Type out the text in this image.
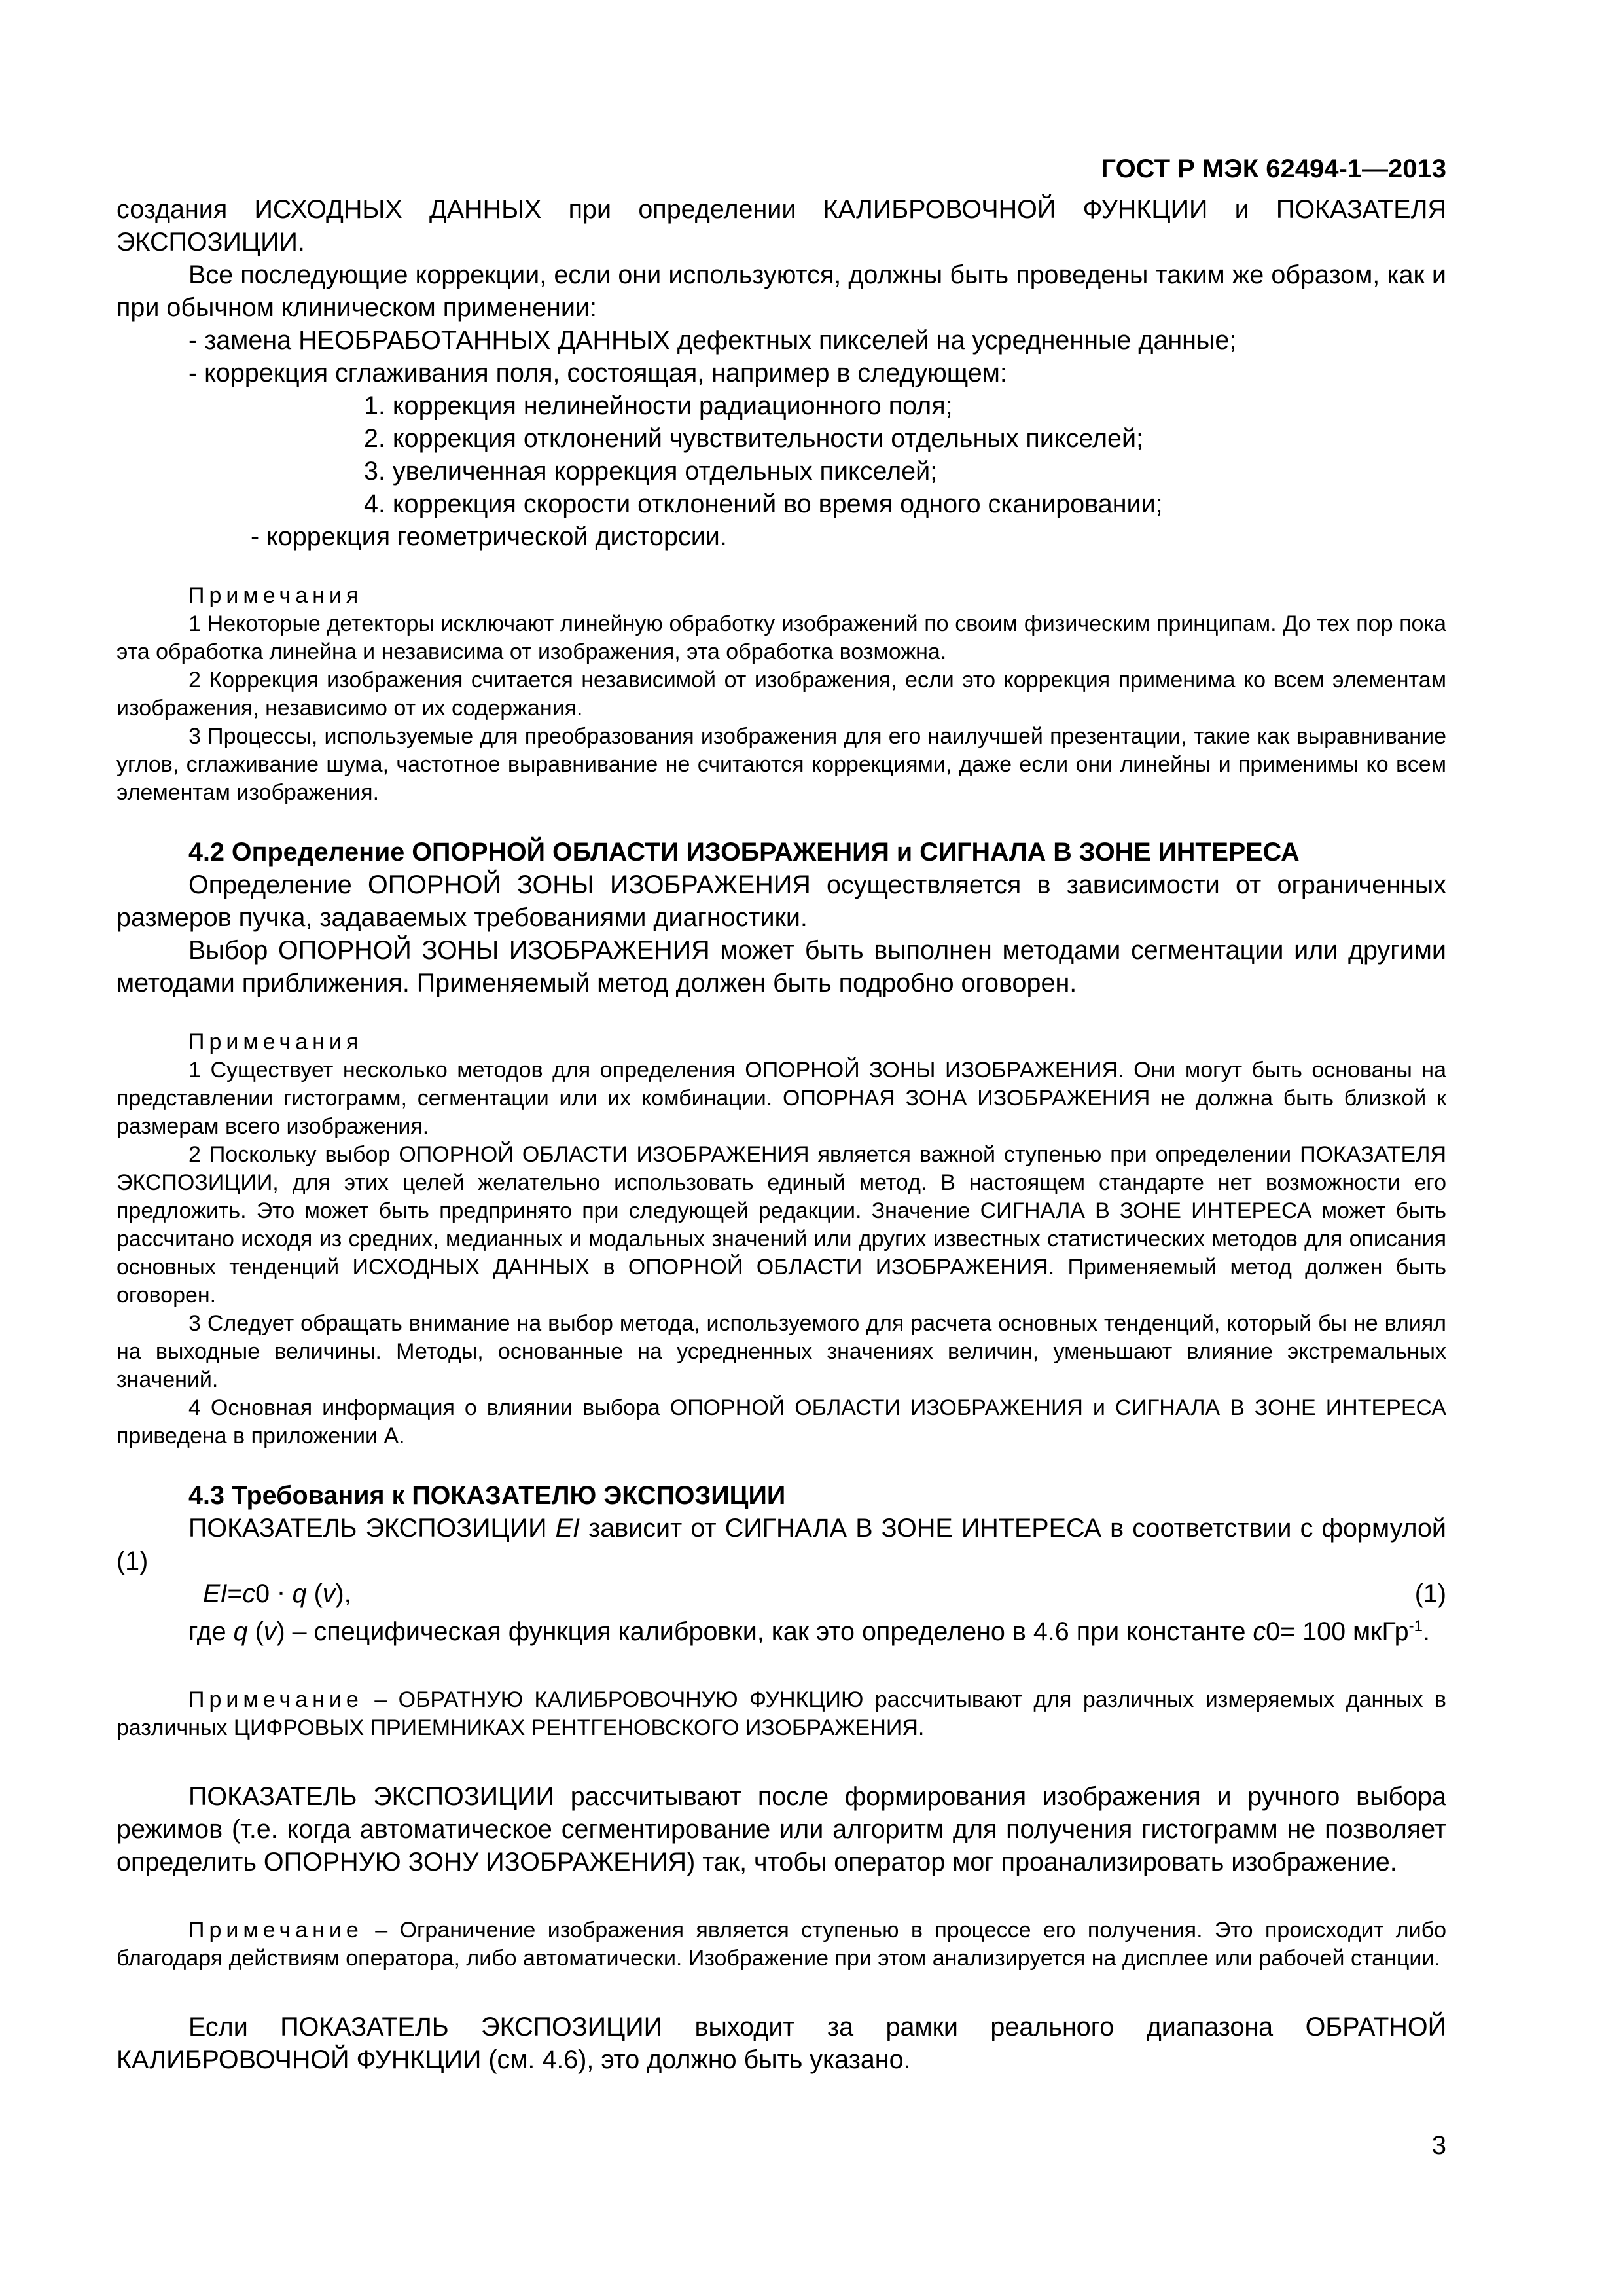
ГОСТ Р МЭК 62494-1—2013

создания ИСХОДНЫХ ДАННЫХ при определении КАЛИБРОВОЧНОЙ ФУНКЦИИ и ПОКАЗАТЕЛЯ ЭКСПОЗИЦИИ.

Все последующие коррекции, если они используются, должны быть проведены таким же образом, как и при обычном клиническом применении:

- замена НЕОБРАБОТАННЫХ ДАННЫХ дефектных пикселей на усредненные данные;

- коррекция сглаживания поля, состоящая, например в следующем:

1. коррекция нелинейности радиационного поля;

2. коррекция отклонений чувствительности отдельных пикселей;

3. увеличенная коррекция отдельных пикселей;

4. коррекция скорости отклонений во время одного сканировании;

- коррекция геометрической дисторсии.

Примечания

1 Некоторые детекторы исключают линейную обработку изображений по своим физическим принципам. До тех пор пока эта обработка линейна и независима от изображения, эта обработка возможна.

2 Коррекция изображения считается независимой от изображения, если это коррекция применима ко всем элементам изображения, независимо от их содержания.

3 Процессы, используемые для преобразования изображения для его наилучшей презентации, такие как выравнивание углов, сглаживание шума, частотное выравнивание не считаются коррекциями, даже если они линейны и применимы ко всем элементам изображения.

4.2 Определение ОПОРНОЙ ОБЛАСТИ ИЗОБРАЖЕНИЯ и СИГНАЛА В ЗОНЕ ИНТЕРЕСА

Определение ОПОРНОЙ ЗОНЫ ИЗОБРАЖЕНИЯ осуществляется в зависимости от ограниченных размеров пучка, задаваемых требованиями диагностики.

Выбор ОПОРНОЙ ЗОНЫ ИЗОБРАЖЕНИЯ может быть выполнен методами сегментации или другими методами приближения. Применяемый метод должен быть подробно оговорен.

Примечания

1 Существует несколько методов для определения ОПОРНОЙ ЗОНЫ ИЗОБРАЖЕНИЯ. Они могут быть основаны на представлении гистограмм, сегментации или их комбинации. ОПОРНАЯ ЗОНА ИЗОБРАЖЕНИЯ не должна быть близкой к размерам всего изображения.

2 Поскольку выбор ОПОРНОЙ ОБЛАСТИ ИЗОБРАЖЕНИЯ является важной ступенью при определении ПОКАЗАТЕЛЯ ЭКСПОЗИЦИИ, для этих целей желательно использовать единый метод. В настоящем стандарте нет возможности его предложить. Это может быть предпринято при следующей редакции. Значение СИГНАЛА В ЗОНЕ ИНТЕРЕСА может быть рассчитано исходя из средних, медианных и модальных значений или других известных статистических методов для описания основных тенденций ИСХОДНЫХ ДАННЫХ в ОПОРНОЙ ОБЛАСТИ ИЗОБРАЖЕНИЯ. Применяемый метод должен быть оговорен.

3 Следует обращать внимание на выбор метода, используемого для расчета основных тенденций, который бы не влиял на выходные величины. Методы, основанные на усредненных значениях величин, уменьшают влияние экстремальных значений.

4 Основная информация о влиянии выбора ОПОРНОЙ ОБЛАСТИ ИЗОБРАЖЕНИЯ и СИГНАЛА В ЗОНЕ ИНТЕРЕСА приведена в приложении А.

4.3 Требования к ПОКАЗАТЕЛЮ ЭКСПОЗИЦИИ

ПОКАЗАТЕЛЬ ЭКСПОЗИЦИИ EI зависит от СИГНАЛА В ЗОНЕ ИНТЕРЕСА в соответствии с формулой (1)

EI=c0 ⋅ q (v),	(1)

где q (v) – специфическая функция калибровки, как это определено в 4.6 при константе c0= 100 мкГр$^{-1}$.

Примечание – ОБРАТНУЮ КАЛИБРОВОЧНУЮ ФУНКЦИЮ рассчитывают для различных измеряемых данных в различных ЦИФРОВЫХ ПРИЕМНИКАХ РЕНТГЕНОВСКОГО ИЗОБРАЖЕНИЯ.

ПОКАЗАТЕЛЬ ЭКСПОЗИЦИИ рассчитывают после формирования изображения и ручного выбора режимов (т.е. когда автоматическое сегментирование или алгоритм для получения гистограмм не позволяет определить ОПОРНУЮ ЗОНУ ИЗОБРАЖЕНИЯ) так, чтобы оператор мог проанализировать изображение.

Примечание – Ограничение изображения является ступенью в процессе его получения. Это происходит либо благодаря действиям оператора, либо автоматически. Изображение при этом анализируется на дисплее или рабочей станции.

Если ПОКАЗАТЕЛЬ ЭКСПОЗИЦИИ выходит за рамки реального диапазона ОБРАТНОЙ КАЛИБРОВОЧНОЙ ФУНКЦИИ (см. 4.6), это должно быть указано.

3
